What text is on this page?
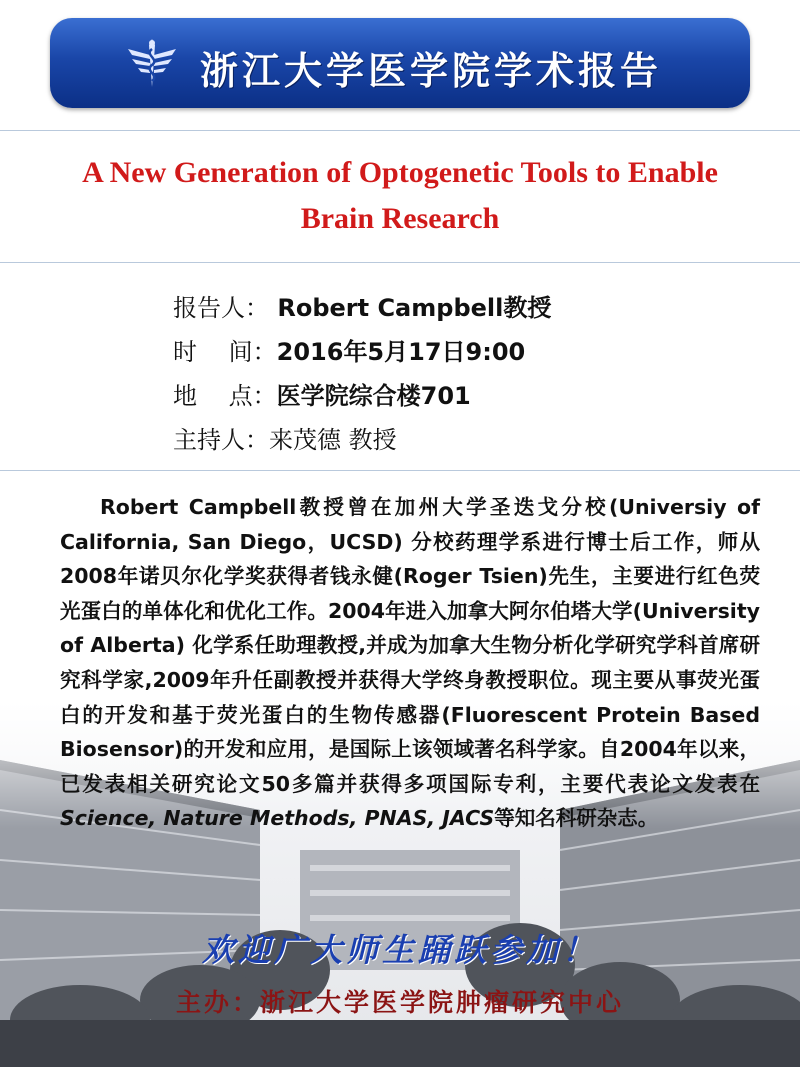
浙江大学医学院学术报告
A New Generation of Optogenetic Tools to Enable
Brain Research
报告人： Robert Campbell教授
时　 间：2016年5月17日9:00
地　 点：医学院综合楼701
主持人：来茂德 教授
Robert Campbell教授曾在加州大学圣迭戈分校(Universiy of California, San Diego，UCSD) 分校药理学系进行博士后工作，师从2008年诺贝尔化学奖获得者钱永健(Roger Tsien)先生，主要进行红色荧光蛋白的单体化和优化工作。2004年进入加拿大阿尔伯塔大学(University of Alberta) 化学系任助理教授,并成为加拿大生物分析化学研究学科首席研究科学家,2009年升任副教授并获得大学终身教授职位。现主要从事荧光蛋白的开发和基于荧光蛋白的生物传感器(Fluorescent Protein Based Biosensor)的开发和应用，是国际上该领域著名科学家。自2004年以来，已发表相关研究论文50多篇并获得多项国际专利，主要代表论文发表在Science, Nature Methods, PNAS, JACS等知名科研杂志。
欢迎广大师生踊跃参加！
主办：浙江大学医学院肿瘤研究中心
